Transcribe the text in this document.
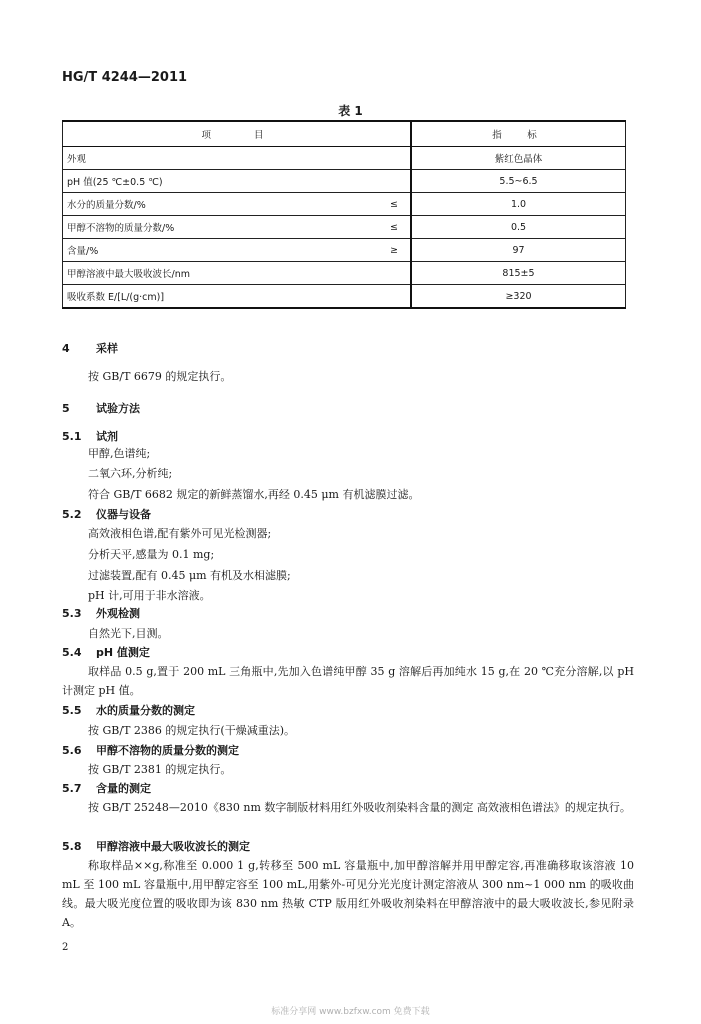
HG/T 4244—2011
表 1
项　　目		指　标
外观		紫红色晶体
pH 值(25 ℃±0.5 ℃)		5.5~6.5
水分的质量分数/%	≤	1.0
甲醇不溶物的质量分数/%	≤	0.5
含量/%	≥	97
甲醇溶液中最大吸收波长/nm		815±5
吸收系数 E/[L/(g·cm)]		≥320
4 采样
按 GB/T 6679 的规定执行。
5 试验方法
5.1 试剂
甲醇,色谱纯;
二氧六环,分析纯;
符合 GB/T 6682 规定的新鲜蒸馏水,再经 0.45 μm 有机滤膜过滤。
5.2 仪器与设备
高效液相色谱,配有紫外可见光检测器;
分析天平,感量为 0.1 mg;
过滤装置,配有 0.45 μm 有机及水相滤膜;
pH 计,可用于非水溶液。
5.3 外观检测
自然光下,目测。
5.4 pH 值测定
取样品 0.5 g,置于 200 mL 三角瓶中,先加入色谱纯甲醇 35 g 溶解后再加纯水 15 g,在 20 ℃充分溶解,以 pH 计测定 pH 值。
5.5 水的质量分数的测定
按 GB/T 2386 的规定执行(干燥减重法)。
5.6 甲醇不溶物的质量分数的测定
按 GB/T 2381 的规定执行。
5.7 含量的测定
按 GB/T 25248—2010《830 nm 数字制版材料用红外吸收剂染料含量的测定 高效液相色谱法》的规定执行。
5.8 甲醇溶液中最大吸收波长的测定
称取样品××g,称准至 0.000 1 g,转移至 500 mL 容量瓶中,加甲醇溶解并用甲醇定容,再准确移取该溶液 10 mL 至 100 mL 容量瓶中,用甲醇定容至 100 mL,用紫外-可见分光光度计测定溶液从 300 nm~1 000 nm 的吸收曲线。最大吸光度位置的吸收即为该 830 nm 热敏 CTP 版用红外吸收剂染料在甲醇溶液中的最大吸收波长,参见附录 A。
2
标准分享网 www.bzfxw.com 免费下载
